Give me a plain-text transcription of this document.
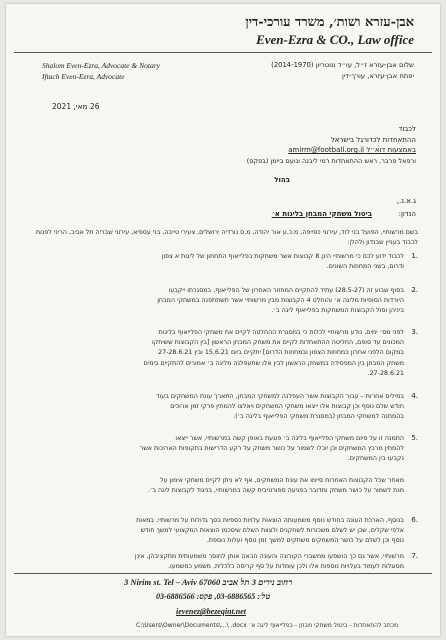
אבן-עזרא ושות׳, משרד עורכי-דין
Even-Ezra & CO., Law office
שלום אבן-עזרא ז״ל, עו״ד ונוטריון (2014-1970)
יפתח אבן-עזרא, עורך-דין
Shalom Even-Ezra, Advocate & Notary
Iftach Even-Ezra, Advocate
26 מאי, 2021
לכבוד
ההתאחדות לכדורגל בישראל
באמצעות דוא״ל amirm@football.org.il
ורפאל פרבר, ראש ההתאחדות רמי ליבנה ונועם ביימן (בפקס)
בהול
ג.א.נ.,
הנדון:
ביטול משחקי המבחן בליגות א׳
בשם מרשותיי, הפועל בני לוד, עירוני כסייפה, מ.כ.ע אור יהודה, מ.ס נורדיה ירושלים, צעירי טייבה, בני עספיא, עירוני שבריה תל אביב, הריני לפנות לכבוד בעניין שבנדון ולהלן:
1.
לכבוד ידוע לכם כי מרשותיי הינן 8 קבוצות אשר משחקות בפלייאוף התחתון של ליגות א צפון
ודרום, בשני המחוזות השונים.
2.
בסוף שבוע זה (28.5-27) עתיד להתקיים המחזור האחרון של הפלייאוף, במסגרתו ייקבעו
היורדות הסופיות מליגה א׳ והוחלט 4 הקבוצות מבין מרשותיי אשר תשתתפנה במשחקי המבחן
ביניהן וסול הקבוצות המשחקות בפלייאוף ליגה ב׳.
3.
לפני מס׳ ימים, נודע מרשותיי לכלות כי במסגרת ההחלטה לקיים את משחקי הפלייאוף בליגות
המכונים עד סופם, החליטה ההתאחדות לקיים את משחק המבחן הראשון [בין הקבוצות ששיחקו
במקום הלפני אחרון במחוזות הצפון ובמחוזות הדרום] יתקיים ביום 15.6.21 ובין 27-28.6.21
משחק המבחן בין המפסידה במשחק הראשון לבין אלו שתעפלנה מליגה ב׳ אמורים להתקיים בימים
27-28.6.21.
4.
במילים אחרות – עבור הקבוצות אשר העפלנה למשחקי המבחן, התארך עונת המשחקים בעוד
חודש שלם נוסף וכן קבוצות אלו ייצאו משחקי המשחקים ויאלצו להמתין פרקי זמן ארוכים
בהמתנה למשחקי המבחן (במסגרת משחקי הפלייאוף בליגה ב׳).
5.
התמנה זו על סיום משחקי הפלייאוף בליגה ב׳ פוגעת באופן קשה במרשותיי, אשר ייצאו
להמתין מרבץ המשחקים וכן יוכלו לשמור על כושר משחק על רקע הדרישות בתקופות הארוכות אשר
נקבעו בין המשחקים.
מאחר שכל הקבוצות האחרות סיימו את עונת המשחקים, אף לא ניתן לקיים משחקי אימון על
מנת לשמור על כושר משחק ומדובר בפגיעה ספורטיבית קשה במרשותיי, בניגוד לקבוצות ליגה ב׳.
6.
בנוסף, הארכת העונה בחודש נוסף משמעותה הוצאות עלויות כספיות בסך גדולות על מרשותיי, במאות
אלפי שקלים, שכן יש לשלם משכורות לשחקנים ולצוות השלם שיסכמו הוצאות המקצועי למשך חודש
נוסף וכן לשלם על כושר המשחקים משחקים למשך זמן נוסף ועלות נוספת.
7.
מרשותיי, אשר גם כך הושפעו ממשברי הקורונה והעונה הבאה אותן לחוסר משמעותית מתקציבהן, אינן
מסוגלות לעמוד בעלויות נוספות אלו ולכן עומדות על סף קריסה כלכלית, משמע כמשמעו.
3 Nirim st. Tel – Aviv 67060 רחוב נירים 3 תל אביב
טל׳: 03-6886565, פקס: 03-6886566
ievenez@bezeqint.net
C:\Users\Owner\Documents\...\ .docx מכתב להתאחדות - ביטול משחקי מבחן - בפלייאוף ליגה א׳
